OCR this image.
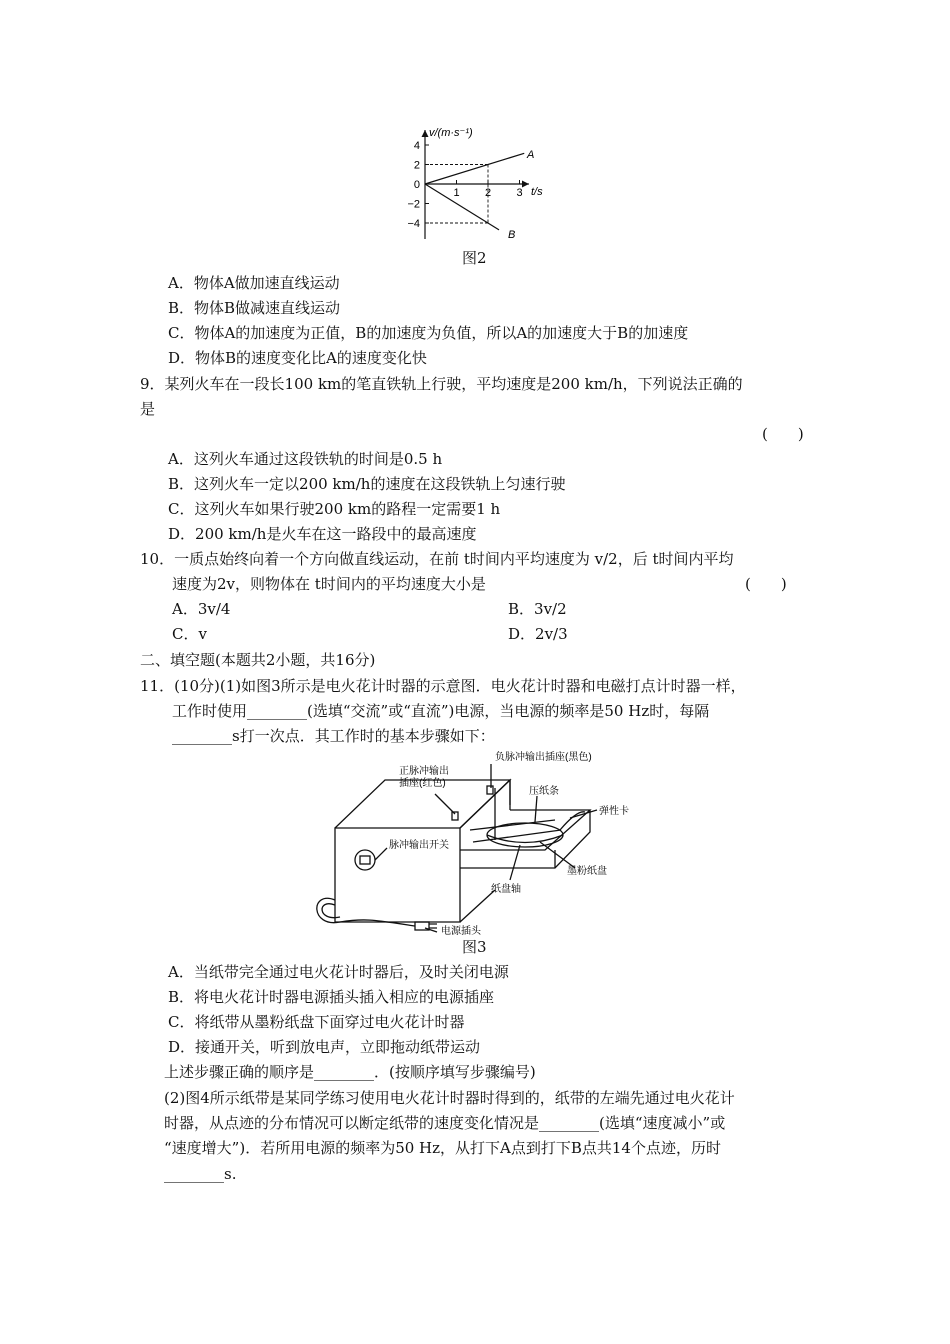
4
2
0
−2
−4
1 2 3
v/(m·s⁻¹)
t/s
A
B
图2
A．物体A做加速直线运动
B．物体B做减速直线运动
C．物体A的加速度为正值，B的加速度为负值，所以A的加速度大于B的加速度
D．物体B的速度变化比A的速度变化快
9．某列火车在一段长100 km的笔直铁轨上行驶，平均速度是200 km/h，下列说法正确的
是
(　　)
A．这列火车通过这段铁轨的时间是0.5 h
B．这列火车一定以200 km/h的速度在这段铁轨上匀速行驶
C．这列火车如果行驶200 km的路程一定需要1 h
D．200 km/h是火车在这一路段中的最高速度
10．一质点始终向着一个方向做直线运动，在前 t时间内平均速度为 v/2，后 t时间内平均
速度为2v，则物体在 t时间内的平均速度大小是	(　　)
A．3v/4	B．3v/2
C．v	D．2v/3
二、填空题(本题共2小题，共16分)
11．(10分)(1)如图3所示是电火花计时器的示意图．电火花计时器和电磁打点计时器一样，
工作时使用________(选填“交流”或“直流”)电源，当电源的频率是50 Hz时，每隔
________s打一次点．其工作时的基本步骤如下：
正脉冲输出
插座(红色)
负脉冲输出插座(黑色)
压纸条
弹性卡
脉冲输出开关
墨粉纸盘
纸盘轴
电源插头
图3
A．当纸带完全通过电火花计时器后，及时关闭电源
B．将电火花计时器电源插头插入相应的电源插座
C．将纸带从墨粉纸盘下面穿过电火花计时器
D．接通开关，听到放电声，立即拖动纸带运动
上述步骤正确的顺序是________．(按顺序填写步骤编号)
(2)图4所示纸带是某同学练习使用电火花计时器时得到的，纸带的左端先通过电火花计
时器，从点迹的分布情况可以断定纸带的速度变化情况是________(选填“速度减小”或
“速度增大”)．若所用电源的频率为50 Hz，从打下A点到打下B点共14个点迹，历时
________s.
